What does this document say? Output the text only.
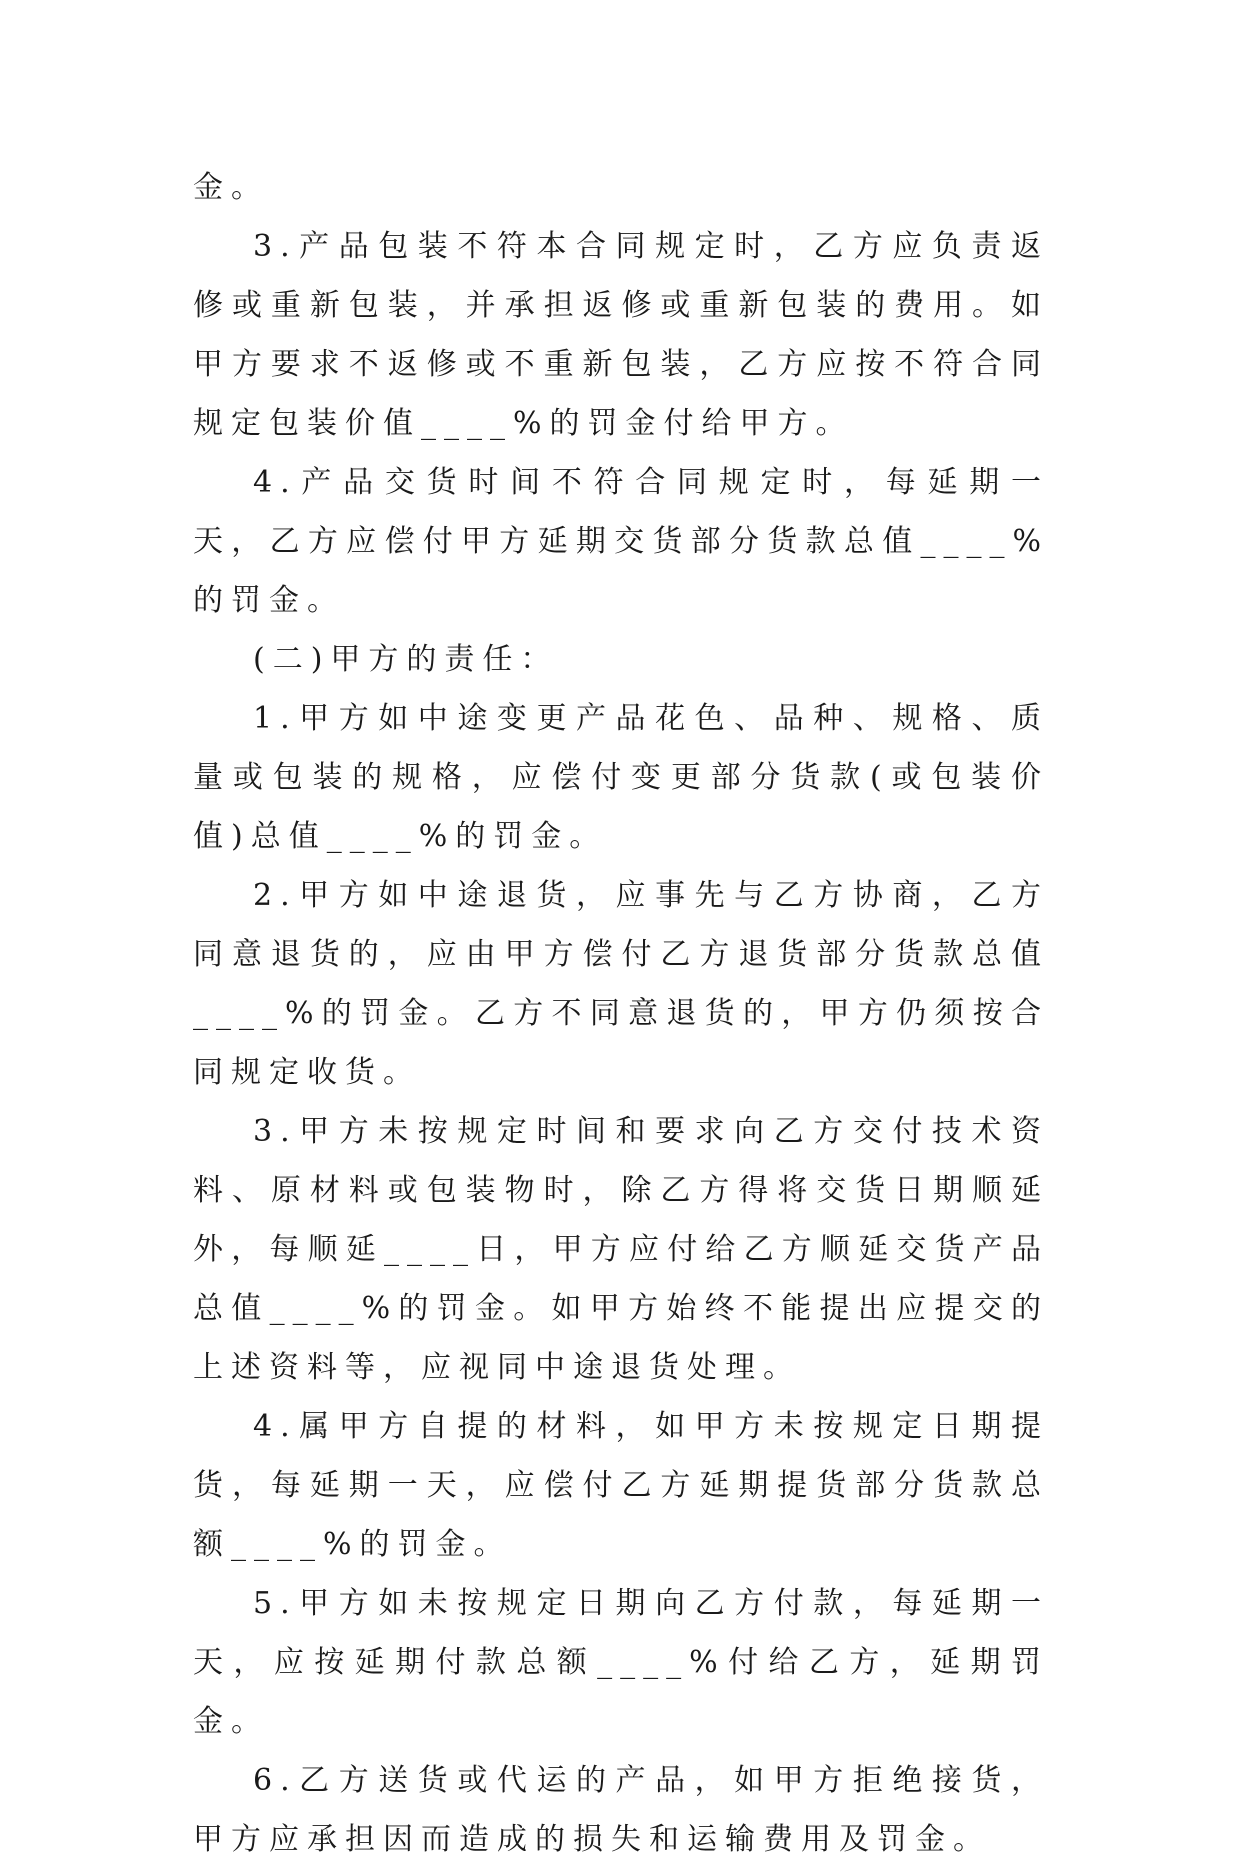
金。

3.产品包装不符本合同规定时，乙方应负责返修或重新包装，并承担返修或重新包装的费用。如甲方要求不返修或不重新包装，乙方应按不符合同规定包装价值____%的罚金付给甲方。

4.产品交货时间不符合同规定时，每延期一天，乙方应偿付甲方延期交货部分货款总值____%的罚金。

(二)甲方的责任：

1.甲方如中途变更产品花色、品种、规格、质量或包装的规格，应偿付变更部分货款(或包装价值)总值____%的罚金。

2.甲方如中途退货，应事先与乙方协商，乙方同意退货的，应由甲方偿付乙方退货部分货款总值____%的罚金。乙方不同意退货的，甲方仍须按合同规定收货。

3.甲方未按规定时间和要求向乙方交付技术资料、原材料或包装物时，除乙方得将交货日期顺延外，每顺延____日，甲方应付给乙方顺延交货产品总值____%的罚金。如甲方始终不能提出应提交的上述资料等，应视同中途退货处理。

4.属甲方自提的材料，如甲方未按规定日期提货，每延期一天，应偿付乙方延期提货部分货款总额____%的罚金。

5.甲方如未按规定日期向乙方付款，每延期一天，应按延期付款总额____%付给乙方，延期罚金。

6.乙方送货或代运的产品，如甲方拒绝接货，甲方应承担因而造成的损失和运输费用及罚金。
